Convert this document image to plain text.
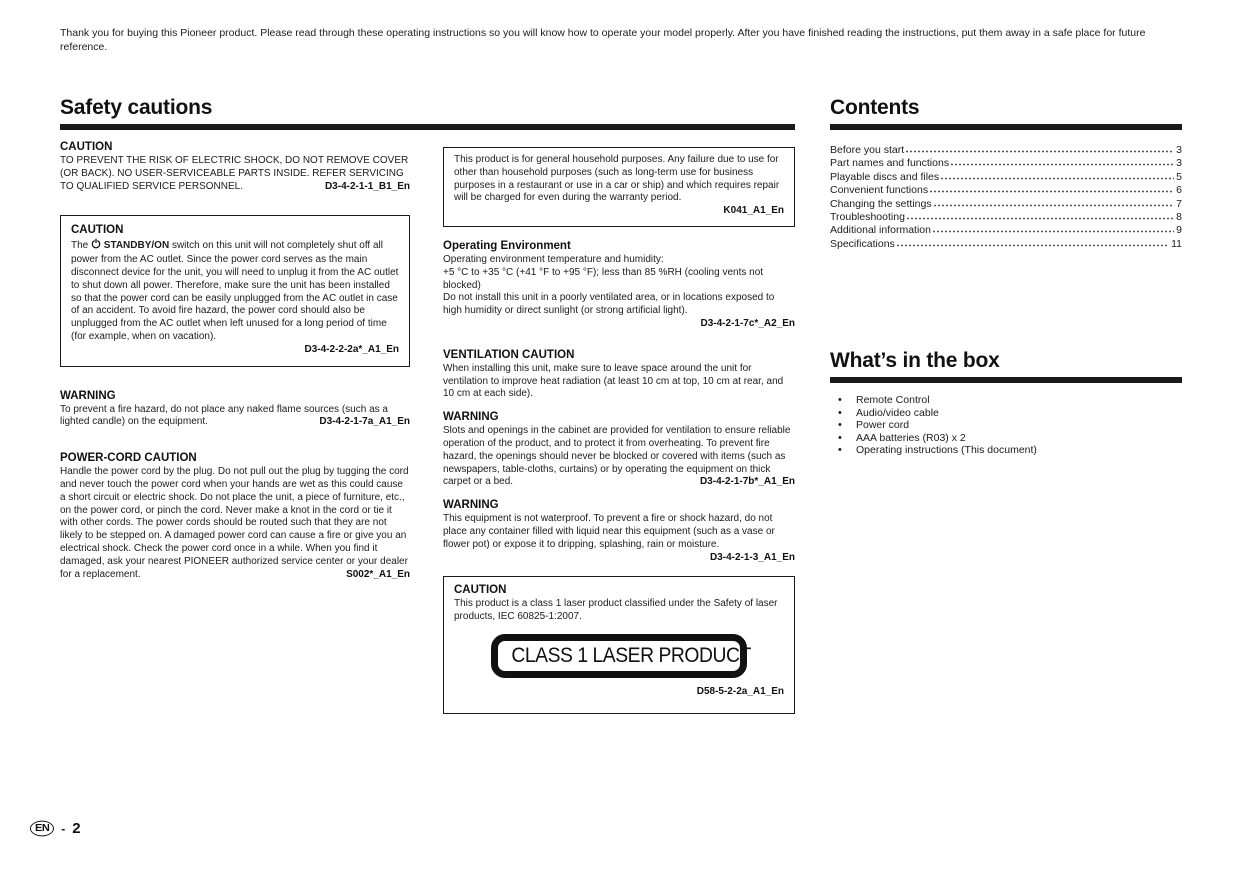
Thank you for buying this Pioneer product. Please read through these operating instructions so you will know how to operate your model properly. After you have finished reading the instructions, put them away in a safe place for future reference.

Safety cautions
CAUTION

TO PREVENT THE RISK OF ELECTRIC SHOCK, DO NOT REMOVE COVER (OR BACK). NO USER-SERVICEABLE PARTS INSIDE. REFER SERVICING TO QUALIFIED SERVICE PERSONNEL.	D3-4-2-1-1_B1_En
CAUTION

The STANDBY/ON switch on this unit will not completely shut off all power from the AC outlet. Since the power cord serves as the main disconnect device for the unit, you will need to unplug it from the AC outlet to shut down all power. Therefore, make sure the unit has been installed so that the power cord can be easily unplugged from the AC outlet in case of an accident. To avoid fire hazard, the power cord should also be unplugged from the AC outlet when left unused for a long period of time (for example, when on vacation).

D3-4-2-2-2a*_A1_En
WARNING

To prevent a fire hazard, do not place any naked flame sources (such as a lighted candle) on the equipment.	D3-4-2-1-7a_A1_En
POWER-CORD CAUTION

Handle the power cord by the plug. Do not pull out the plug by tugging the cord and never touch the power cord when your hands are wet as this could cause a short circuit or electric shock. Do not place the unit, a piece of furniture, etc., on the power cord, or pinch the cord. Never make a knot in the cord or tie it with other cords. The power cords should be routed such that they are not likely to be stepped on. A damaged power cord can cause a fire or give you an electrical shock. Check the power cord once in a while. When you find it damaged, ask your nearest PIONEER authorized service center or your dealer for a replacement.	S002*_A1_En

This product is for general household purposes. Any failure due to use for other than household purposes (such as long-term use for business purposes in a restaurant or use in a car or ship) and which requires repair will be charged for even during the warranty period.

K041_A1_En
Operating Environment

Operating environment temperature and humidity:
+5 °C to +35 °C (+41 °F to +95 °F); less than 85 %RH (cooling vents not blocked)
Do not install this unit in a poorly ventilated area, or in locations exposed to high humidity or direct sunlight (or strong artificial light).

D3-4-2-1-7c*_A2_En
VENTILATION CAUTION

When installing this unit, make sure to leave space around the unit for ventilation to improve heat radiation (at least 10 cm at top, 10 cm at rear, and 10 cm at each side).

WARNING

Slots and openings in the cabinet are provided for ventilation to ensure reliable operation of the product, and to protect it from overheating. To prevent fire hazard, the openings should never be blocked or covered with items (such as newspapers, table-cloths, curtains) or by operating the equipment on thick carpet or a bed.	D3-4-2-1-7b*_A1_En
WARNING

This equipment is not waterproof. To prevent a fire or shock hazard, do not place any container filled with liquid near this equipment (such as a vase or flower pot) or expose it to dripping, splashing, rain or moisture.

D3-4-2-1-3_A1_En
CAUTION

This product is a class 1 laser product classified under the Safety of laser products, IEC 60825-1:2007.

CLASS 1 LASER PRODUCT
D58-5-2-2a_A1_En
Contents
Before you start	3
Part names and functions	3
Playable discs and files	5
Convenient functions	6
Changing the settings	7
Troubleshooting	8
Additional information	9
Specifications	11
What’s in the box
• Remote Control
• Audio/video cable
• Power cord
• AAA batteries (R03) x 2
• Operating instructions (This document)
EN	- 2
